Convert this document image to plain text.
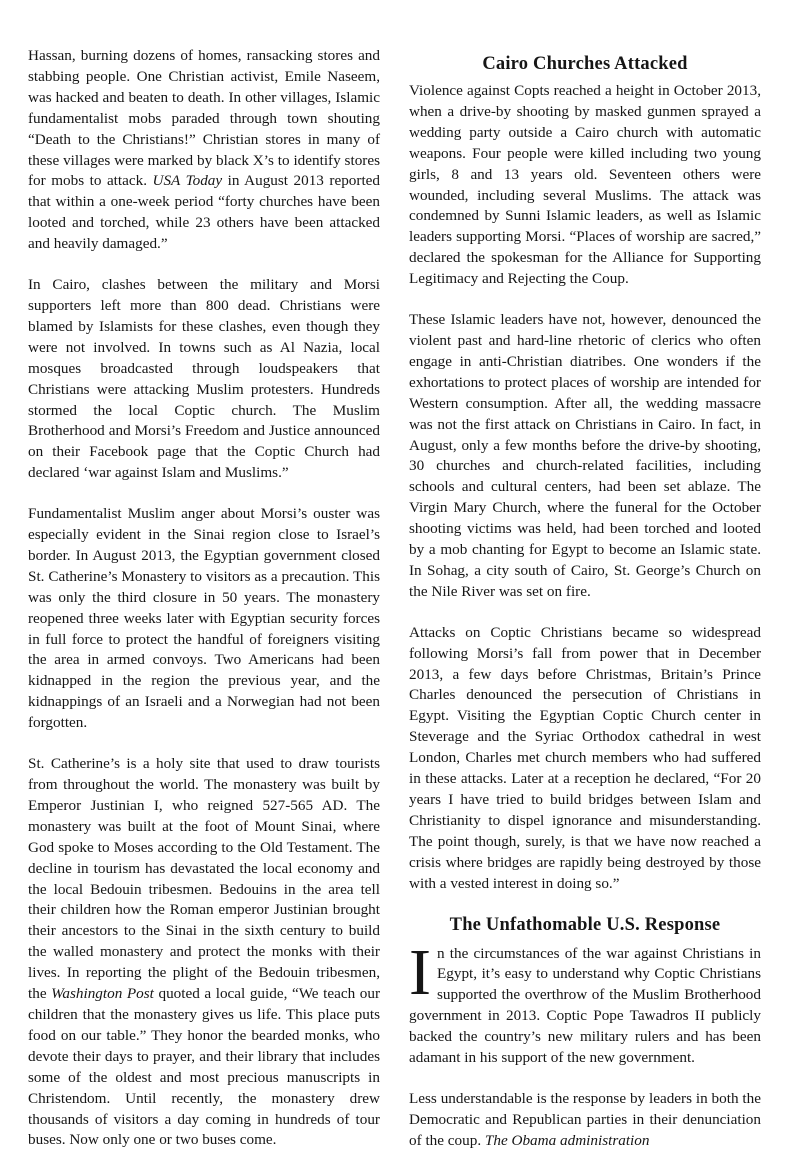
Hassan, burning dozens of homes, ransacking stores and stabbing people. One Christian activist, Emile Naseem, was hacked and beaten to death. In other villages, Islamic fundamentalist mobs paraded through town shouting “Death to the Christians!” Christian stores in many of these villages were marked by black X’s to identify stores for mobs to attack. USA Today in August 2013 reported that within a one-week period “forty churches have been looted and torched, while 23 others have been attacked and heavily damaged.”

In Cairo, clashes between the military and Morsi supporters left more than 800 dead. Christians were blamed by Islamists for these clashes, even though they were not involved. In towns such as Al Nazia, local mosques broadcasted through loudspeakers that Christians were attacking Muslim protesters. Hundreds stormed the local Coptic church. The Muslim Brotherhood and Morsi’s Freedom and Justice announced on their Facebook page that the Coptic Church had declared ‘war against Islam and Muslims.”

Fundamentalist Muslim anger about Morsi’s ouster was especially evident in the Sinai region close to Israel’s border. In August 2013, the Egyptian government closed St. Catherine’s Monastery to visitors as a precaution. This was only the third closure in 50 years. The monastery reopened three weeks later with Egyptian security forces in full force to protect the handful of foreigners visiting the area in armed convoys. Two Americans had been kidnapped in the region the previous year, and the kidnappings of an Israeli and a Norwegian had not been forgotten.

St. Catherine’s is a holy site that used to draw tourists from throughout the world. The monastery was built by Emperor Justinian I, who reigned 527-565 AD. The monastery was built at the foot of Mount Sinai, where God spoke to Moses according to the Old Testament. The decline in tourism has devastated the local economy and the local Bedouin tribesmen. Bedouins in the area tell their children how the Roman emperor Justinian brought their ancestors to the Sinai in the sixth century to build the walled monastery and protect the monks with their lives. In reporting the plight of the Bedouin tribesmen, the Washington Post quoted a local guide, “We teach our children that the monastery gives us life. This place puts food on our table.” They honor the bearded monks, who devote their days to prayer, and their library that includes some of the oldest and most precious manuscripts in Christendom. Until recently, the monastery drew thousands of visitors a day coming in hundreds of tour buses. Now only one or two buses come.

Cairo Churches Attacked

Violence against Copts reached a height in October 2013, when a drive-by shooting by masked gunmen sprayed a wedding party outside a Cairo church with automatic weapons. Four people were killed including two young girls, 8 and 13 years old. Seventeen others were wounded, including several Muslims. The attack was condemned by Sunni Islamic leaders, as well as Islamic leaders supporting Morsi. “Places of worship are sacred,” declared the spokesman for the Alliance for Supporting Legitimacy and Rejecting the Coup.

These Islamic leaders have not, however, denounced the violent past and hard-line rhetoric of clerics who often engage in anti-Christian diatribes. One wonders if the exhortations to protect places of worship are intended for Western consumption. After all, the wedding massacre was not the first attack on Christians in Cairo. In fact, in August, only a few months before the drive-by shooting, 30 churches and church-related facilities, including schools and cultural centers, had been set ablaze. The Virgin Mary Church, where the funeral for the October shooting victims was held, had been torched and looted by a mob chanting for Egypt to become an Islamic state. In Sohag, a city south of Cairo, St. George’s Church on the Nile River was set on fire.

Attacks on Coptic Christians became so widespread following Morsi’s fall from power that in December 2013, a few days before Christmas, Britain’s Prince Charles denounced the persecution of Christians in Egypt. Visiting the Egyptian Coptic Church center in Steverage and the Syriac Orthodox cathedral in west London, Charles met church members who had suffered in these attacks. Later at a reception he declared, “For 20 years I have tried to build bridges between Islam and Christianity to dispel ignorance and misunderstanding. The point though, surely, is that we have now reached a crisis where bridges are rapidly being destroyed by those with a vested interest in doing so.”

The Unfathomable U.S. Response

I n the circumstances of the war against Christians in Egypt, it’s easy to understand why Coptic Christians supported the overthrow of the Muslim Brotherhood government in 2013. Coptic Pope Tawadros II publicly backed the country’s new military rulers and has been adamant in his support of the new government.

Less understandable is the response by leaders in both the Democratic and Republican parties in their denunciation of the coup. The Obama administration
